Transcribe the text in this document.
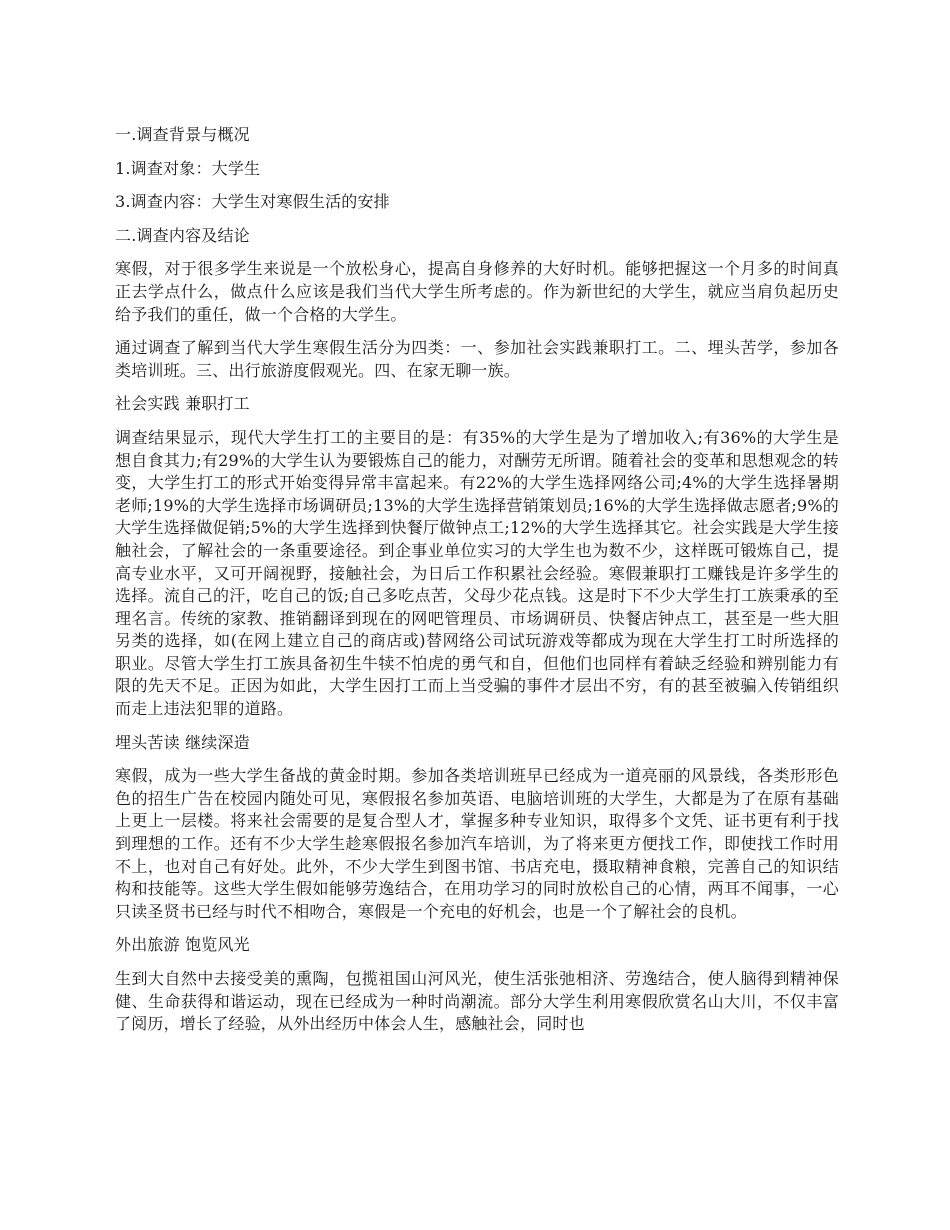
一.调查背景与概况
1.调查对象：大学生
3.调查内容：大学生对寒假生活的安排
二.调查内容及结论
寒假，对于很多学生来说是一个放松身心，提高自身修养的大好时机。能够把握这一个月多的时间真正去学点什么，做点什么应该是我们当代大学生所考虑的。作为新世纪的大学生，就应当肩负起历史给予我们的重任，做一个合格的大学生。
通过调查了解到当代大学生寒假生活分为四类：一、参加社会实践兼职打工。二、埋头苦学，参加各类培训班。三、出行旅游度假观光。四、在家无聊一族。
社会实践 兼职打工
调查结果显示，现代大学生打工的主要目的是：有35%的大学生是为了增加收入;有36%的大学生是想自食其力;有29%的大学生认为要锻炼自己的能力，对酬劳无所谓。随着社会的变革和思想观念的转变，大学生打工的形式开始变得异常丰富起来。有22%的大学生选择网络公司;4%的大学生选择暑期老师;19%的大学生选择市场调研员;13%的大学生选择营销策划员;16%的大学生选择做志愿者;9%的大学生选择做促销;5%的大学生选择到快餐厅做钟点工;12%的大学生选择其它。社会实践是大学生接触社会，了解社会的一条重要途径。到企事业单位实习的大学生也为数不少，这样既可锻炼自己，提高专业水平，又可开阔视野，接触社会，为日后工作积累社会经验。寒假兼职打工赚钱是许多学生的选择。流自己的汗，吃自己的饭;自己多吃点苦，父母少花点钱。这是时下不少大学生打工族秉承的至理名言。传统的家教、推销翻译到现在的网吧管理员、市场调研员、快餐店钟点工，甚至是一些大胆另类的选择，如(在网上建立自己的商店或)替网络公司试玩游戏等都成为现在大学生打工时所选择的职业。尽管大学生打工族具备初生牛犊不怕虎的勇气和自，但他们也同样有着缺乏经验和辨别能力有限的先天不足。正因为如此，大学生因打工而上当受骗的事件才层出不穷，有的甚至被骗入传销组织而走上违法犯罪的道路。
埋头苦读 继续深造
寒假，成为一些大学生备战的黄金时期。参加各类培训班早已经成为一道亮丽的风景线，各类形形色色的招生广告在校园内随处可见，寒假报名参加英语、电脑培训班的大学生，大都是为了在原有基础上更上一层楼。将来社会需要的是复合型人才，掌握多种专业知识，取得多个文凭、证书更有利于找到理想的工作。还有不少大学生趁寒假报名参加汽车培训，为了将来更方便找工作，即使找工作时用不上，也对自己有好处。此外，不少大学生到图书馆、书店充电，摄取精神食粮，完善自己的知识结构和技能等。这些大学生假如能够劳逸结合，在用功学习的同时放松自己的心情，两耳不闻事，一心只读圣贤书已经与时代不相吻合，寒假是一个充电的好机会，也是一个了解社会的良机。
外出旅游 饱览风光
生到大自然中去接受美的熏陶，包揽祖国山河风光，使生活张弛相济、劳逸结合，使人脑得到精神保健、生命获得和谐运动，现在已经成为一种时尚潮流。部分大学生利用寒假欣赏名山大川，不仅丰富了阅历，增长了经验，从外出经历中体会人生，感触社会，同时也
